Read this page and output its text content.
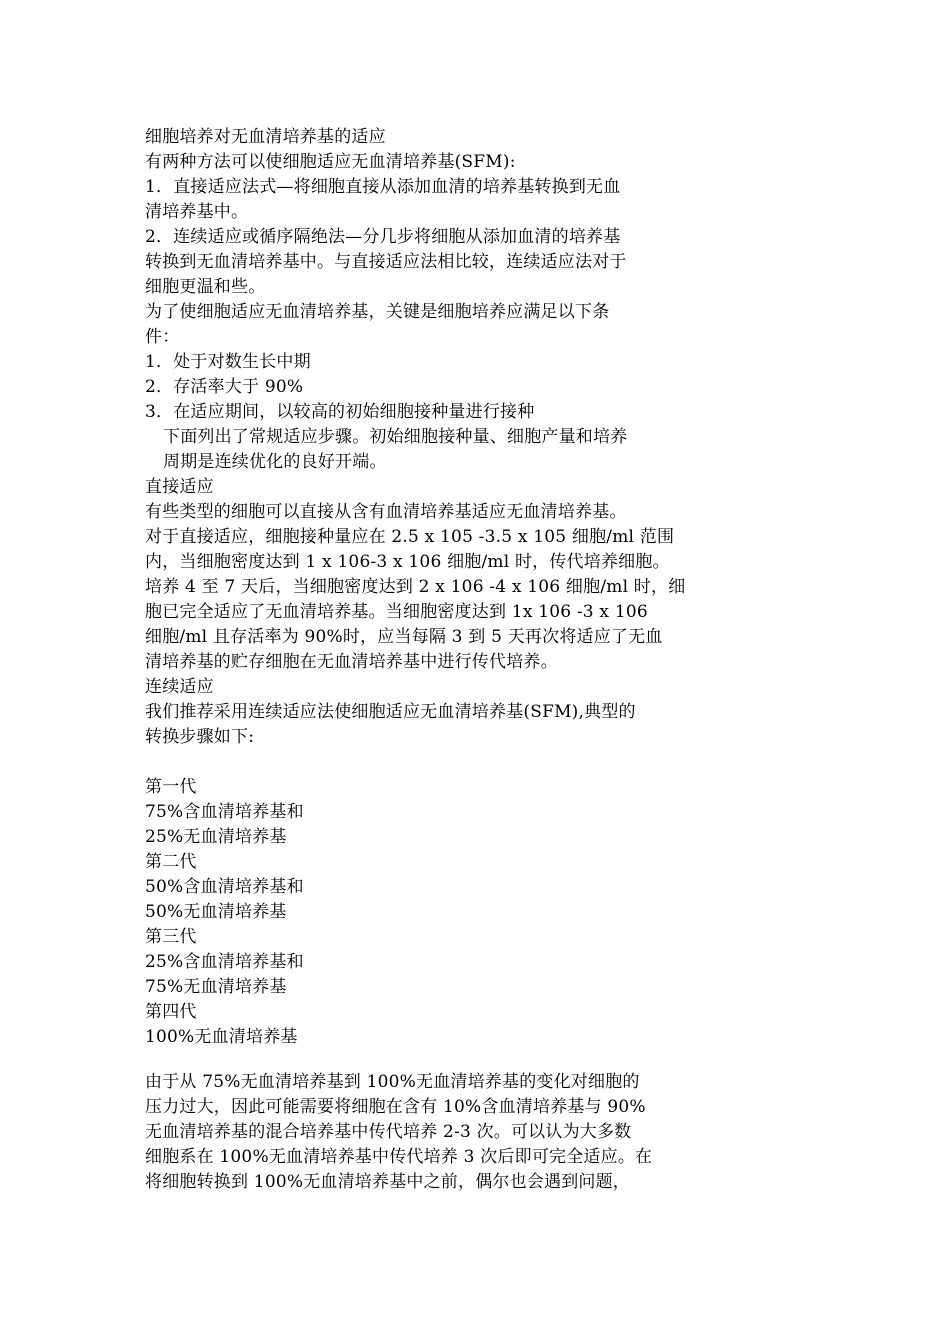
细胞培养对无血清培养基的适应
有两种方法可以使细胞适应无血清培养基(SFM):
1．直接适应法式—将细胞直接从添加血清的培养基转换到无血
清培养基中。
2．连续适应或循序隔绝法—分几步将细胞从添加血清的培养基
转换到无血清培养基中。与直接适应法相比较，连续适应法对于
细胞更温和些。
为了使细胞适应无血清培养基，关键是细胞培养应满足以下条
件：
1．处于对数生长中期
2．存活率大于 90%
3．在适应期间，以较高的初始细胞接种量进行接种
下面列出了常规适应步骤。初始细胞接种量、细胞产量和培养
周期是连续优化的良好开端。
直接适应
有些类型的细胞可以直接从含有血清培养基适应无血清培养基。
对于直接适应，细胞接种量应在 2.5 x 105 -3.5 x 105 细胞/ml 范围
内，当细胞密度达到 1 x 106-3 x 106 细胞/ml 时，传代培养细胞。
培养 4 至 7 天后，当细胞密度达到 2 x 106 -4 x 106 细胞/ml 时，细
胞已完全适应了无血清培养基。当细胞密度达到 1x 106 -3 x 106
细胞/ml 且存活率为 90%时，应当每隔 3 到 5 天再次将适应了无血
清培养基的贮存细胞在无血清培养基中进行传代培养。
连续适应
我们推荐采用连续适应法使细胞适应无血清培养基(SFM),典型的
转换步骤如下:
第一代
75%含血清培养基和
25%无血清培养基
第二代
50%含血清培养基和
50%无血清培养基
第三代
25%含血清培养基和
75%无血清培养基
第四代
100%无血清培养基
由于从 75%无血清培养基到 100%无血清培养基的变化对细胞的
压力过大，因此可能需要将细胞在含有 10%含血清培养基与 90%
无血清培养基的混合培养基中传代培养 2-3 次。可以认为大多数
细胞系在 100%无血清培养基中传代培养 3 次后即可完全适应。在
将细胞转换到 100%无血清培养基中之前，偶尔也会遇到问题，
